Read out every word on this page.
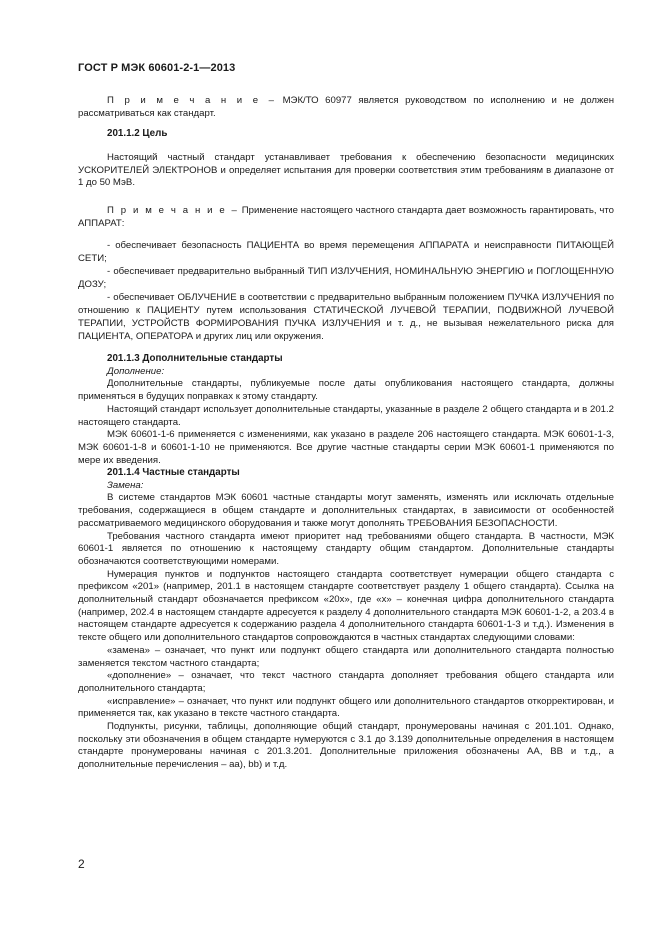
ГОСТ Р МЭК 60601-2-1—2013

П р и м е ч а н и е – МЭК/ТО 60977 является руководством по исполнению и не должен рассматриваться как стандарт.

201.1.2 Цель

Настоящий частный стандарт устанавливает требования к обеспечению безопасности медицинских УСКОРИТЕЛЕЙ ЭЛЕКТРОНОВ и определяет испытания для проверки соответствия этим требованиям в диапазоне от 1 до 50 МэВ.

П р и м е ч а н и е – Применение настоящего частного стандарта дает возможность гарантировать, что АППАРАТ:

- обеспечивает безопасность ПАЦИЕНТА во время перемещения АППАРАТА и неисправности ПИТАЮЩЕЙ СЕТИ;

- обеспечивает предварительно выбранный ТИП ИЗЛУЧЕНИЯ, НОМИНАЛЬНУЮ ЭНЕРГИЮ и ПОГЛОЩЕННУЮ ДОЗУ;

- обеспечивает ОБЛУЧЕНИЕ в соответствии с предварительно выбранным положением ПУЧКА ИЗЛУЧЕНИЯ по отношению к ПАЦИЕНТУ путем использования СТАТИЧЕСКОЙ ЛУЧЕВОЙ ТЕРАПИИ, ПОДВИЖНОЙ ЛУЧЕВОЙ ТЕРАПИИ, УСТРОЙСТВ ФОРМИРОВАНИЯ ПУЧКА ИЗЛУЧЕНИЯ и т. д., не вызывая нежелательного риска для ПАЦИЕНТА, ОПЕРАТОРА и других лиц или окружения.

201.1.3 Дополнительные стандарты

Дополнение:

Дополнительные стандарты, публикуемые после даты опубликования настоящего стандарта, должны применяться в будущих поправках к этому стандарту.

Настоящий стандарт использует дополнительные стандарты, указанные в разделе 2 общего стандарта и в 201.2 настоящего стандарта.

МЭК 60601-1-6 применяется с изменениями, как указано в разделе 206 настоящего стандарта. МЭК 60601-1-3, МЭК 60601-1-8 и 60601-1-10 не применяются. Все другие частные стандарты серии МЭК 60601-1 применяются по мере их введения.

201.1.4 Частные стандарты

Замена:

В системе стандартов МЭК 60601 частные стандарты могут заменять, изменять или исключать отдельные требования, содержащиеся в общем стандарте и дополнительных стандартах, в зависимости от особенностей рассматриваемого медицинского оборудования и также могут дополнять ТРЕБОВАНИЯ БЕЗОПАСНОСТИ.

Требования частного стандарта имеют приоритет над требованиями общего стандарта. В частности, МЭК 60601-1 является по отношению к настоящему стандарту общим стандартом. Дополнительные стандарты обозначаются соответствующими номерами.

Нумерация пунктов и подпунктов настоящего стандарта соответствует нумерации общего стандарта с префиксом «201» (например, 201.1 в настоящем стандарте соответствует разделу 1 общего стандарта). Ссылка на дополнительный стандарт обозначается префиксом «20x», где «x» – конечная цифра дополнительного стандарта (например, 202.4 в настоящем стандарте адресуется к разделу 4 дополнительного стандарта МЭК 60601-1-2, а 203.4 в настоящем стандарте адресуется к содержанию раздела 4 дополнительного стандарта 60601-1-3 и т.д.). Изменения в тексте общего или дополнительного стандартов сопровождаются в частных стандартах следующими словами:

«замена» – означает, что пункт или подпункт общего стандарта или дополнительного стандарта полностью заменяется текстом частного стандарта;

«дополнение» – означает, что текст частного стандарта дополняет требования общего стандарта или дополнительного стандарта;

«исправление» – означает, что пункт или подпункт общего или дополнительного стандартов откорректирован, и применяется так, как указано в тексте частного стандарта.

Подпункты, рисунки, таблицы, дополняющие общий стандарт, пронумерованы начиная с 201.101. Однако, поскольку эти обозначения в общем стандарте нумеруются с 3.1 до 3.139 дополнительные определения в настоящем стандарте пронумерованы начиная с 201.3.201. Дополнительные приложения обозначены АА, ВВ и т.д., а дополнительные перечисления – аа), bb) и т.д.

2
